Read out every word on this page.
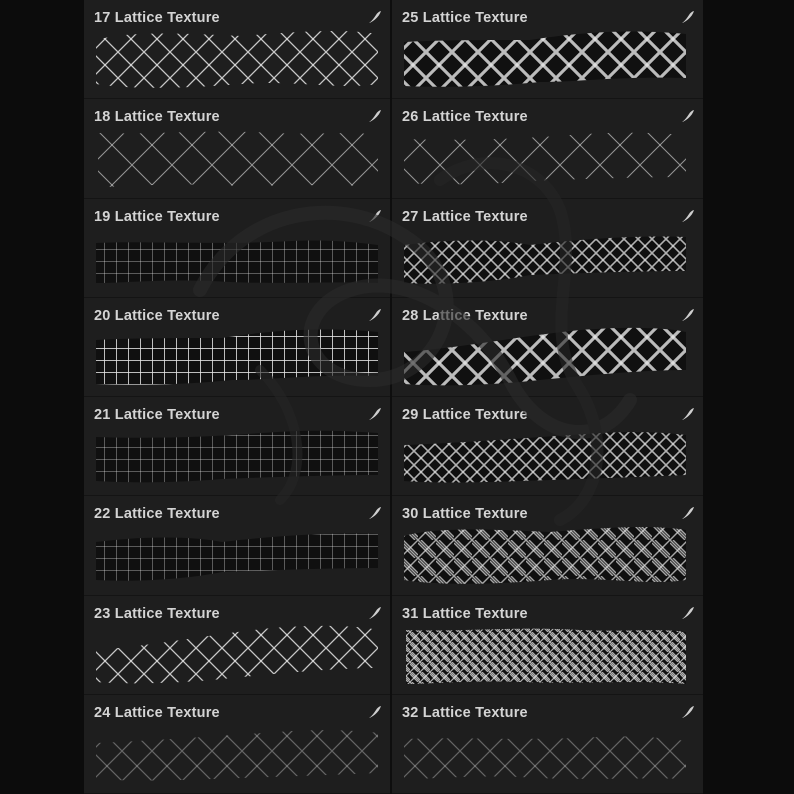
17 Lattice Texture
18 Lattice Texture
19 Lattice Texture
20 Lattice Texture
21 Lattice Texture
22 Lattice Texture
23 Lattice Texture
24 Lattice Texture
25 Lattice Texture
26 Lattice Texture
27 Lattice Texture
28 Lattice Texture
29 Lattice Texture
30 Lattice Texture
31 Lattice Texture
32 Lattice Texture
